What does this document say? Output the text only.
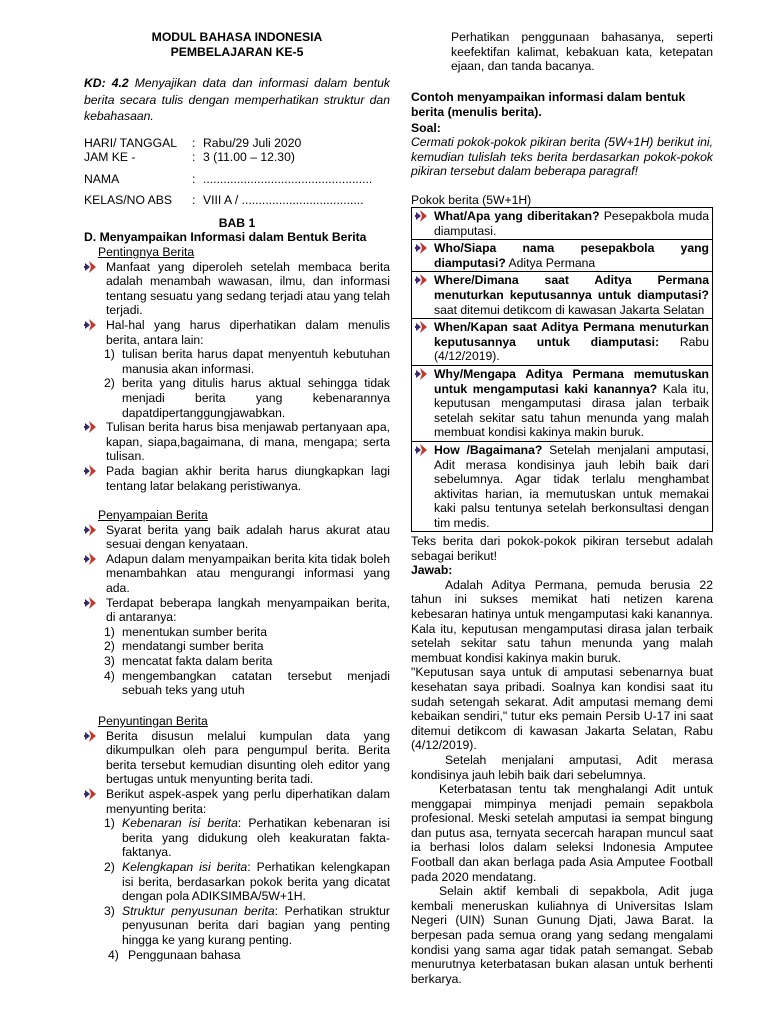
MODUL BAHASA INDONESIA
PEMBELAJARAN KE-5
KD: 4.2 Menyajikan data dan informasi dalam bentuk berita secara tulis dengan memperhatikan struktur dan kebahasaan.
HARI/ TANGGAL	: Rabu/29 Juli 2020
JAM KE -	: 3 (11.00 – 12.30)
NAMA	: ..................................................
KELAS/NO ABS	: VIII A / ....................................
BAB 1
D. Menyampaikan Informasi dalam Bentuk Berita
Pentingnya Berita
Manfaat yang diperoleh setelah membaca berita adalah menambah wawasan, ilmu, dan informasi tentang sesuatu yang sedang terjadi atau yang telah terjadi.
Hal-hal yang harus diperhatikan dalam menulis berita, antara lain:
1) tulisan berita harus dapat menyentuh kebutuhan manusia akan informasi.
2) berita yang ditulis harus aktual sehingga tidak menjadi berita yang kebenarannya dapatdipertanggungjawabkan.
Tulisan berita harus bisa menjawab pertanyaan apa, kapan, siapa,bagaimana, di mana, mengapa; serta tulisan.
Pada bagian akhir berita harus diungkapkan lagi tentang latar belakang peristiwanya.
Penyampaian Berita
Syarat berita yang baik adalah harus akurat atau sesuai dengan kenyataan.
Adapun dalam menyampaikan berita kita tidak boleh menambahkan atau mengurangi informasi yang ada.
Terdapat beberapa langkah menyampaikan berita, di antaranya:
1) menentukan sumber berita
2) mendatangi sumber berita
3) mencatat fakta dalam berita
4) mengembangkan catatan tersebut menjadi sebuah teks yang utuh
Penyuntingan Berita
Berita disusun melalui kumpulan data yang dikumpulkan oleh para pengumpul berita. Berita berita tersebut kemudian disunting oleh editor yang bertugas untuk menyunting berita tadi.
Berikut aspek-aspek yang perlu diperhatikan dalam menyunting berita:
1) Kebenaran isi berita: Perhatikan kebenaran isi berita yang didukung oleh keakuratan fakta-faktanya.
2) Kelengkapan isi berita: Perhatikan kelengkapan isi berita, berdasarkan pokok berita yang dicatat dengan pola ADIKSIMBA/5W+1H.
3) Struktur penyusunan berita: Perhatikan struktur penyusunan berita dari bagian yang penting hingga ke yang kurang penting.
4) Penggunaan bahasa
Perhatikan penggunaan bahasanya, seperti keefektifan kalimat, kebakuan kata, ketepatan ejaan, dan tanda bacanya.
Contoh menyampaikan informasi dalam bentuk berita (menulis berita).
Soal:
Cermati pokok-pokok pikiran berita (5W+1H) berikut ini, kemudian tulislah teks berita berdasarkan pokok-pokok pikiran tersebut dalam beberapa paragraf!
Pokok berita (5W+1H)
What/Apa yang diberitakan? Pesepakbola muda diamputasi.
Who/Siapa nama pesepakbola yang diamputasi? Aditya Permana
Where/Dimana saat Aditya Permana menuturkan keputusannya untuk diamputasi? saat ditemui detikcom di kawasan Jakarta Selatan
When/Kapan saat Aditya Permana menuturkan keputusannya untuk diamputasi: Rabu (4/12/2019).
Why/Mengapa Aditya Permana memutuskan untuk mengamputasi kaki kanannya? Kala itu, keputusan mengamputasi dirasa jalan terbaik setelah sekitar satu tahun menunda yang malah membuat kondisi kakinya makin buruk.
How /Bagaimana? Setelah menjalani amputasi, Adit merasa kondisinya jauh lebih baik dari sebelumnya. Agar tidak terlalu menghambat aktivitas harian, ia memutuskan untuk memakai kaki palsu tentunya setelah berkonsultasi dengan tim medis.
Teks berita dari pokok-pokok pikiran tersebut adalah sebagai berikut!
Jawab:
Adalah Aditya Permana, pemuda berusia 22 tahun ini sukses memikat hati netizen karena kebesaran hatinya untuk mengamputasi kaki kanannya. Kala itu, keputusan mengamputasi dirasa jalan terbaik setelah sekitar satu tahun menunda yang malah membuat kondisi kakinya makin buruk.
"Keputusan saya untuk di amputasi sebenarnya buat kesehatan saya pribadi. Soalnya kan kondisi saat itu sudah setengah sekarat. Adit amputasi memang demi kebaikan sendiri," tutur eks pemain Persib U-17 ini saat ditemui detikcom di kawasan Jakarta Selatan, Rabu (4/12/2019).
Setelah menjalani amputasi, Adit merasa kondisinya jauh lebih baik dari sebelumnya.
Keterbatasan tentu tak menghalangi Adit untuk menggapai mimpinya menjadi pemain sepakbola profesional. Meski setelah amputasi ia sempat bingung dan putus asa, ternyata secercah harapan muncul saat ia berhasi lolos dalam seleksi Indonesia Amputee Football dan akan berlaga pada Asia Amputee Football pada 2020 mendatang.
Selain aktif kembali di sepakbola, Adit juga kembali meneruskan kuliahnya di Universitas Islam Negeri (UIN) Sunan Gunung Djati, Jawa Barat. Ia berpesan pada semua orang yang sedang mengalami kondisi yang sama agar tidak patah semangat. Sebab menurutnya keterbatasan bukan alasan untuk berhenti berkarya.
